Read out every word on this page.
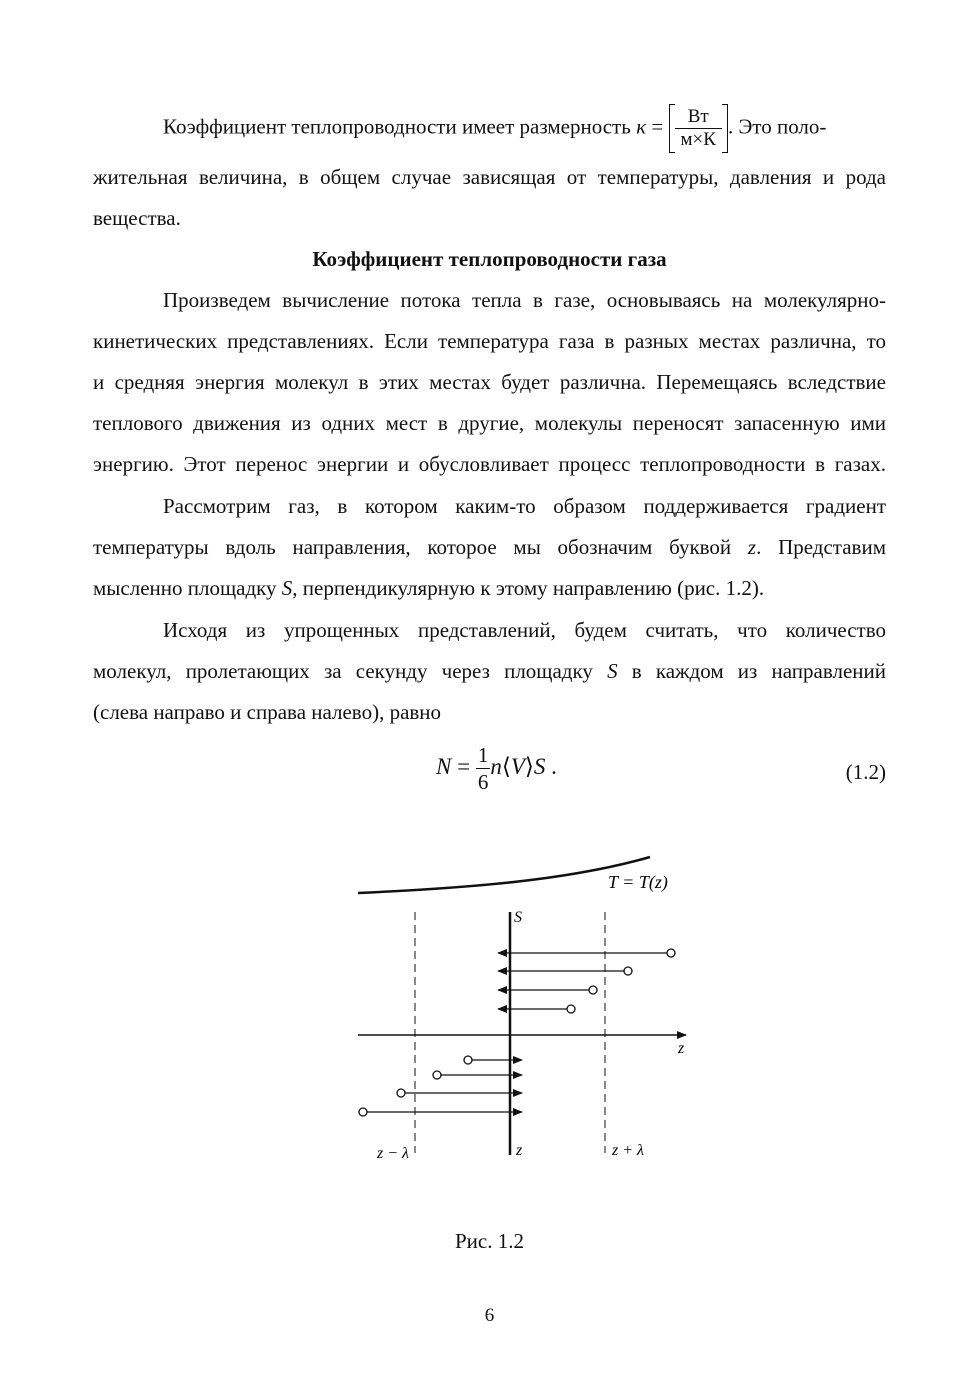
Коэффициент теплопроводности имеет размерность $\kappa = \frac{Вт}{м\times К}$ . Это поло-
жительная величина, в общем случае зависящая от температуры, давления и рода
вещества.
Коэффициент теплопроводности газа
Произведем вычисление потока тепла в газе, основываясь на молекулярно-
кинетических представлениях. Если температура газа в разных местах различна, то
и средняя энергия молекул в этих местах будет различна. Перемещаясь вследствие
теплового движения из одних мест в другие, молекулы переносят запасенную ими
энергию. Этот перенос энергии и обусловливает процесс теплопроводности в газах.
Рассмотрим газ, в котором каким-то образом поддерживается градиент
температуры вдоль направления, которое мы обозначим буквой z. Представим
мысленно площадку S, перпендикулярную к этому направлению (рис. 1.2).
Исходя из упрощенных представлений, будем считать, что количество
молекул, пролетающих за секунду через площадку S в каждом из направлений
(слева направо и справа налево), равно
$N = \frac{1}{6}$ n⟨V⟩S .	(1.2)
T = T(z)
S
z
z − λ	z	z + λ
Рис. 1.2
6
